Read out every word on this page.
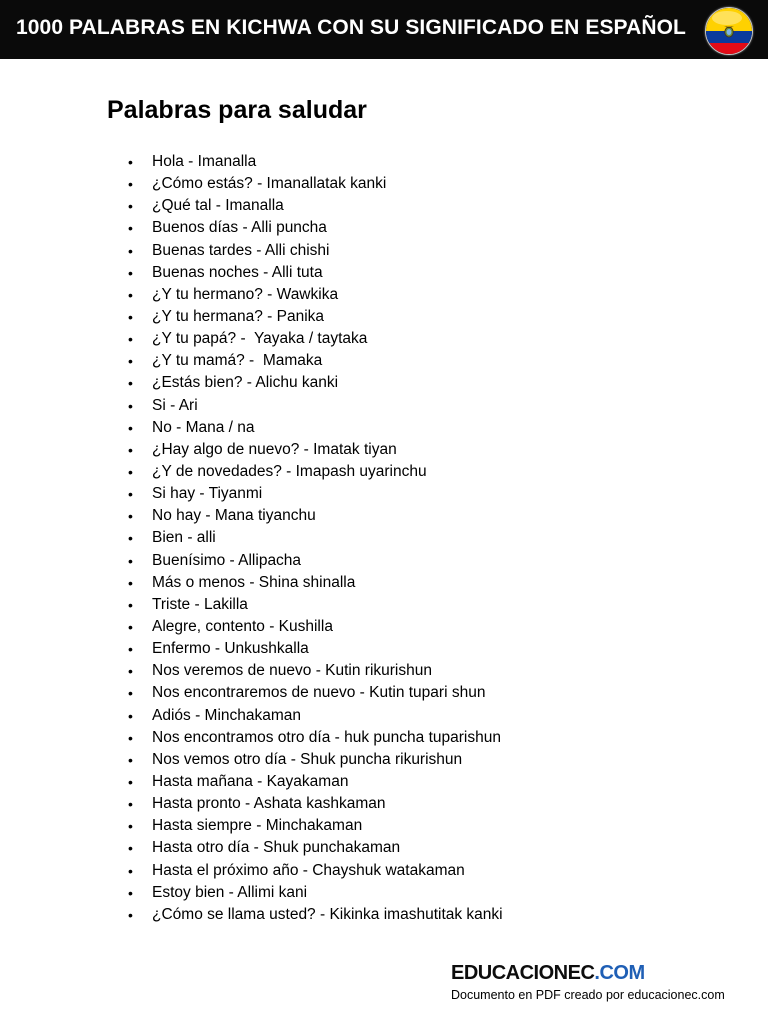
1000 PALABRAS EN KICHWA CON SU SIGNIFICADO EN ESPAÑOL
Palabras para saludar
• Hola - Imanalla
• ¿Cómo estás? - Imanallatak kanki
• ¿Qué tal - Imanalla
• Buenos días - Alli puncha
• Buenas tardes - Alli chishi
• Buenas noches - Alli tuta
• ¿Y tu hermano? - Wawkika
• ¿Y tu hermana? - Panika
• ¿Y tu papá? -  Yayaka / taytaka
• ¿Y tu mamá? -  Mamaka
• ¿Estás bien? - Alichu kanki
• Si - Ari
• No - Mana / na
• ¿Hay algo de nuevo? - Imatak tiyan
• ¿Y de novedades? - Imapash uyarinchu
• Si hay - Tiyanmi
• No hay - Mana tiyanchu
• Bien - alli
• Buenísimo - Allipacha
• Más o menos - Shina shinalla
• Triste - Lakilla
• Alegre, contento - Kushilla
• Enfermo - Unkushkalla
• Nos veremos de nuevo - Kutin rikurishun
• Nos encontraremos de nuevo - Kutin tupari shun
• Adiós - Minchakaman
• Nos encontramos otro día - huk puncha tuparishun
• Nos vemos otro día - Shuk puncha rikurishun
• Hasta mañana - Kayakaman
• Hasta pronto - Ashata kashkaman
• Hasta siempre - Minchakaman
• Hasta otro día - Shuk punchakaman
• Hasta el próximo año - Chayshuk watakaman
• Estoy bien - Allimi kani
• ¿Cómo se llama usted? - Kikinka imashutitak kanki
EDUCACIONEC.COM
Documento en PDF creado por educacionec.com
